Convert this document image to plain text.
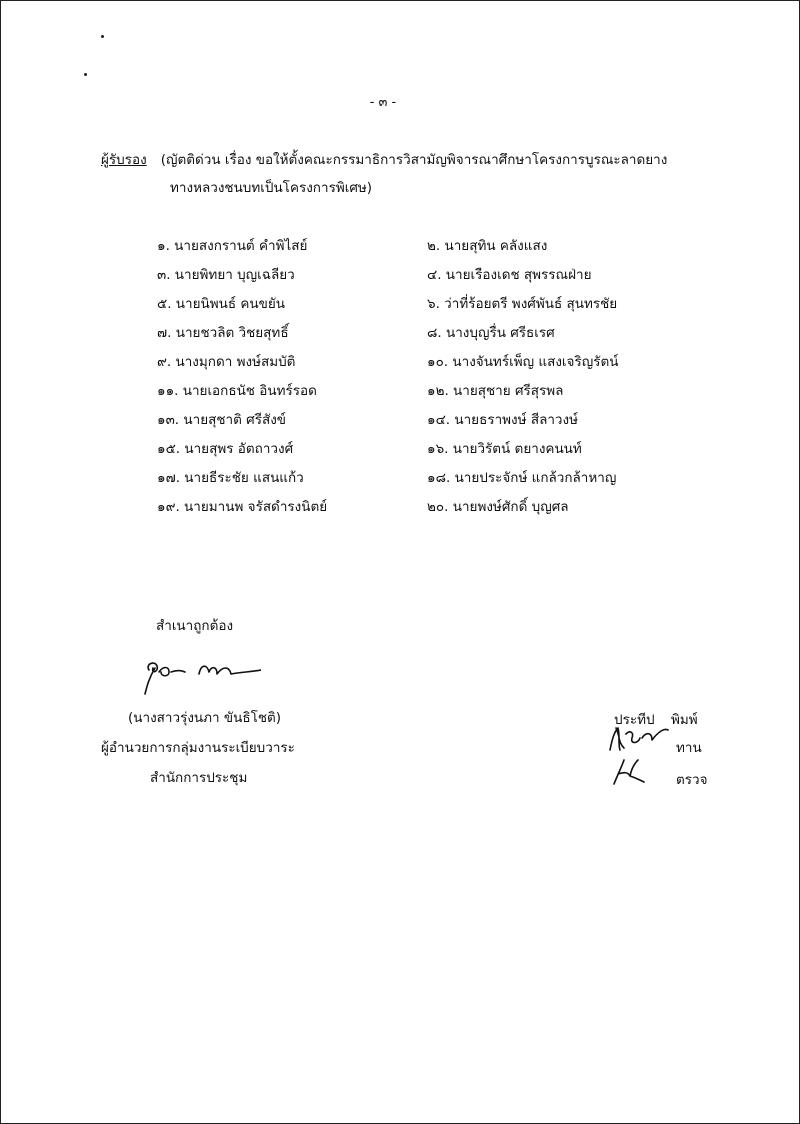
- ๓ -
ผู้รับรอง (ญัตติด่วน เรื่อง ขอให้ตั้งคณะกรรมาธิการวิสามัญพิจารณาศึกษาโครงการบูรณะลาดยาง
ทางหลวงชนบทเป็นโครงการพิเศษ)
๑. นายสงกรานต์ คำพิไสย์	๒. นายสุทิน คลังแสง
๓. นายพิทยา บุญเฉลียว	๔. นายเรืองเดช สุพรรณฝ่าย
๕. นายนิพนธ์ คนขยัน	๖. ว่าที่ร้อยตรี พงศ์พันธ์ สุนทรชัย
๗. นายชวลิต วิชยสุทธิ์	๘. นางบุญรื่น ศรีธเรศ
๙. นางมุกดา พงษ์สมบัติ	๑๐. นางจันทร์เพ็ญ แสงเจริญรัตน์
๑๑. นายเอกธนัช อินทร์รอด	๑๒. นายสุชาย ศรีสุรพล
๑๓. นายสุชาติ ศรีสังข์	๑๔. นายธราพงษ์ สีลาวงษ์
๑๕. นายสุพร อัตถาวงศ์	๑๖. นายวิรัตน์ ตยางคนนท์
๑๗. นายธีระชัย แสนแก้ว	๑๘. นายประจักษ์ แกล้วกล้าหาญ
๑๙. นายมานพ จรัสดำรงนิตย์	๒๐. นายพงษ์ศักดิ์ บุญศล
สำเนาถูกต้อง
(นางสาวรุ่งนภา ขันธิโชติ)
ผู้อำนวยการกลุ่มงานระเบียบวาระ
สำนักการประชุม
ประทีป พิมพ์
ทาน
ตรวจ
